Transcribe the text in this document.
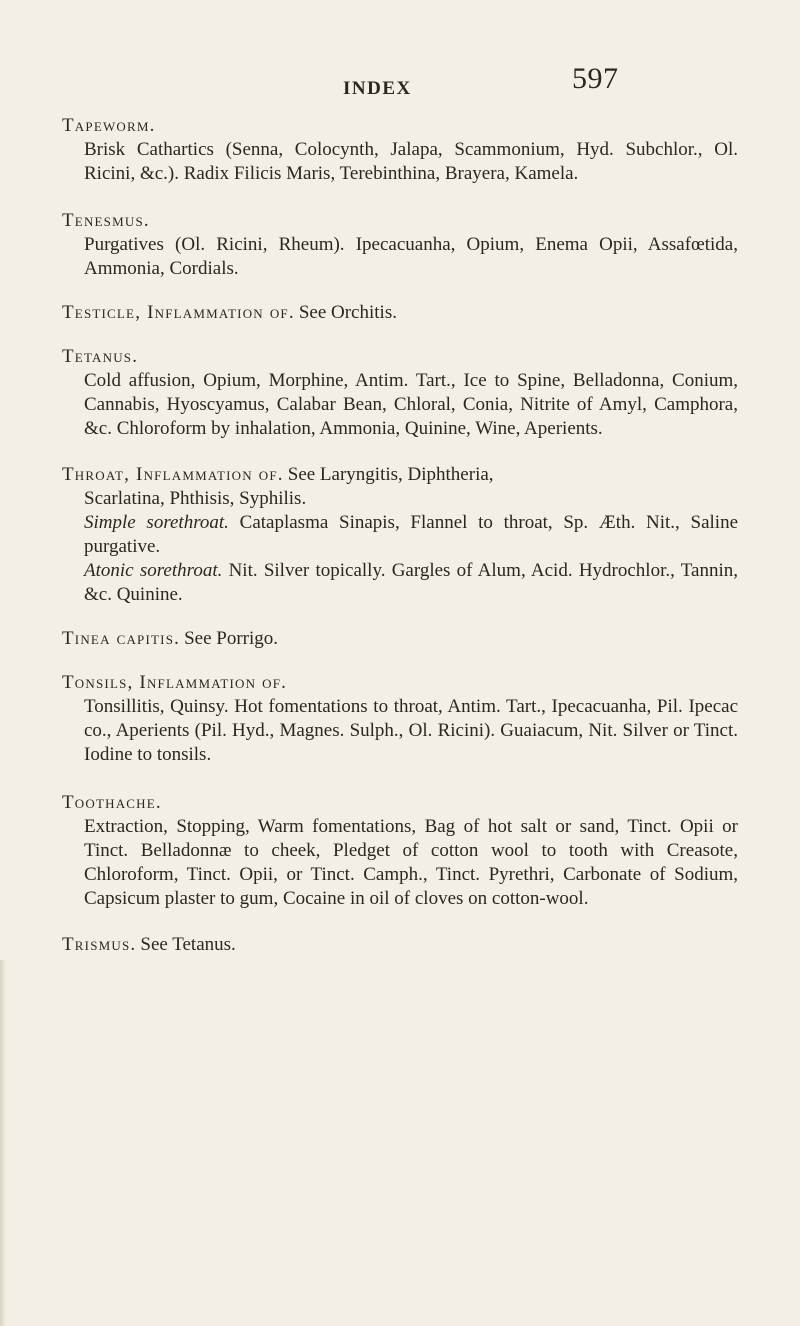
INDEX	597
Tapeworm.

Brisk Cathartics (Senna, Colocynth, Jalapa, Scammonium, Hyd. Subchlor., Ol. Ricini, &c.). Radix Filicis Maris, Terebinthina, Brayera, Kamela.

Tenesmus.

Purgatives (Ol. Ricini, Rheum). Ipecacuanha, Opium, Enema Opii, Assafœtida, Ammonia, Cordials.

Testicle, Inflammation of. See Orchitis.
Tetanus.

Cold affusion, Opium, Morphine, Antim. Tart., Ice to Spine, Belladonna, Conium, Cannabis, Hyoscyamus, Calabar Bean, Chloral, Conia, Nitrite of Amyl, Camphora, &c. Chloroform by inhalation, Ammonia, Quinine, Wine, Aperients.

Throat, Inflammation of. See Laryngitis, Diphtheria,

Scarlatina, Phthisis, Syphilis.

Simple sorethroat. Cataplasma Sinapis, Flannel to throat, Sp. Æth. Nit., Saline purgative.

Atonic sorethroat. Nit. Silver topically. Gargles of Alum, Acid. Hydrochlor., Tannin, &c. Quinine.

Tinea capitis. See Porrigo.
Tonsils, Inflammation of.

Tonsillitis, Quinsy. Hot fomentations to throat, Antim. Tart., Ipecacuanha, Pil. Ipecac co., Aperients (Pil. Hyd., Magnes. Sulph., Ol. Ricini). Guaiacum, Nit. Silver or Tinct. Iodine to tonsils.

Toothache.

Extraction, Stopping, Warm fomentations, Bag of hot salt or sand, Tinct. Opii or Tinct. Belladonnæ to cheek, Pledget of cotton wool to tooth with Creasote, Chloroform, Tinct. Opii, or Tinct. Camph., Tinct. Pyrethri, Carbonate of Sodium, Capsicum plaster to gum, Cocaine in oil of cloves on cotton-wool.

Trismus. See Tetanus.
